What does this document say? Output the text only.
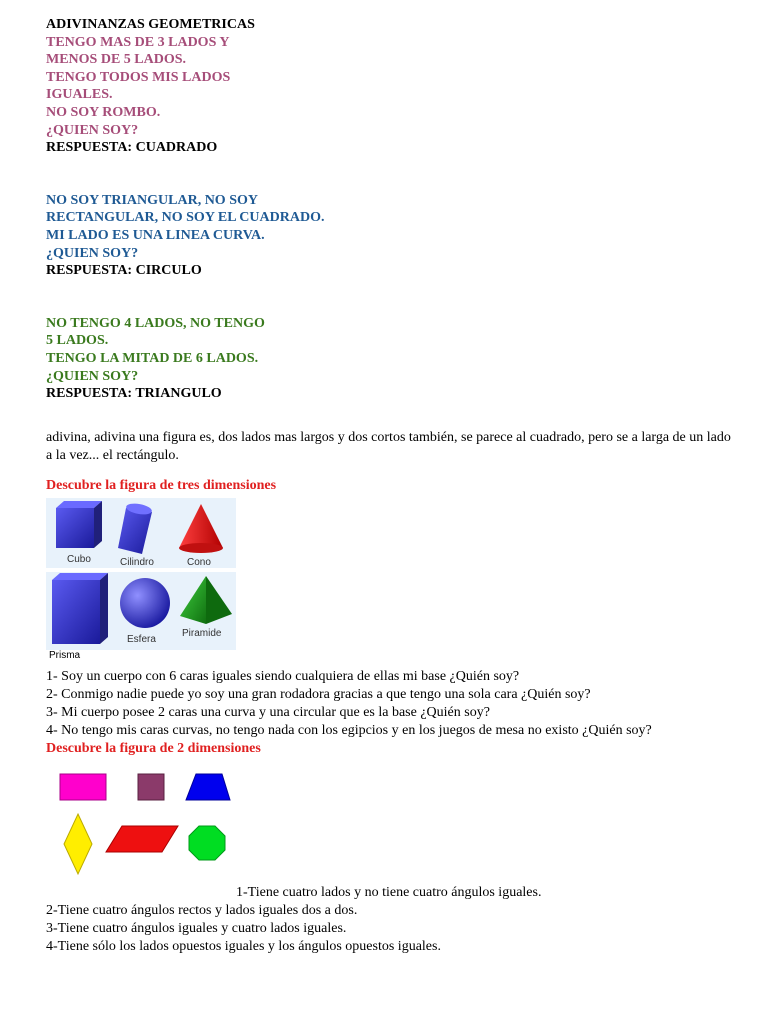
ADIVINANZAS GEOMETRICAS
TENGO MAS DE 3 LADOS Y
MENOS DE 5 LADOS.
TENGO TODOS MIS LADOS
IGUALES.
NO SOY ROMBO.
¿QUIEN SOY?
RESPUESTA: CUADRADO
NO SOY TRIANGULAR, NO SOY
RECTANGULAR, NO SOY EL CUADRADO.
MI LADO ES UNA LINEA CURVA.
¿QUIEN SOY?
RESPUESTA: CIRCULO
NO TENGO 4 LADOS, NO TENGO
5 LADOS.
TENGO LA MITAD DE 6 LADOS.
¿QUIEN SOY?
RESPUESTA: TRIANGULO
adivina, adivina una figura es, dos lados mas largos y dos cortos también, se parece al cuadrado, pero se a larga de un lado a la vez... el rectángulo.
Descubre la figura de tres dimensiones
Cubo	Cilindro	Cono
Esfera
Piramide
Prisma
1- Soy un cuerpo con 6 caras iguales siendo cualquiera de ellas mi base ¿Quién soy?
2- Conmigo nadie puede yo soy una gran rodadora gracias a que tengo una sola cara ¿Quién soy?
3- Mi cuerpo posee 2 caras una curva y una circular que es la base ¿Quién soy?
4- No tengo mis caras curvas, no tengo nada con los egipcios y en los juegos de mesa no existo ¿Quién soy?
Descubre la figura de 2 dimensiones
1-Tiene cuatro lados y no tiene cuatro ángulos iguales.
2-Tiene cuatro ángulos rectos y lados iguales dos a dos.
3-Tiene cuatro ángulos iguales y cuatro lados iguales.
4-Tiene sólo los lados opuestos iguales y los ángulos opuestos iguales.
